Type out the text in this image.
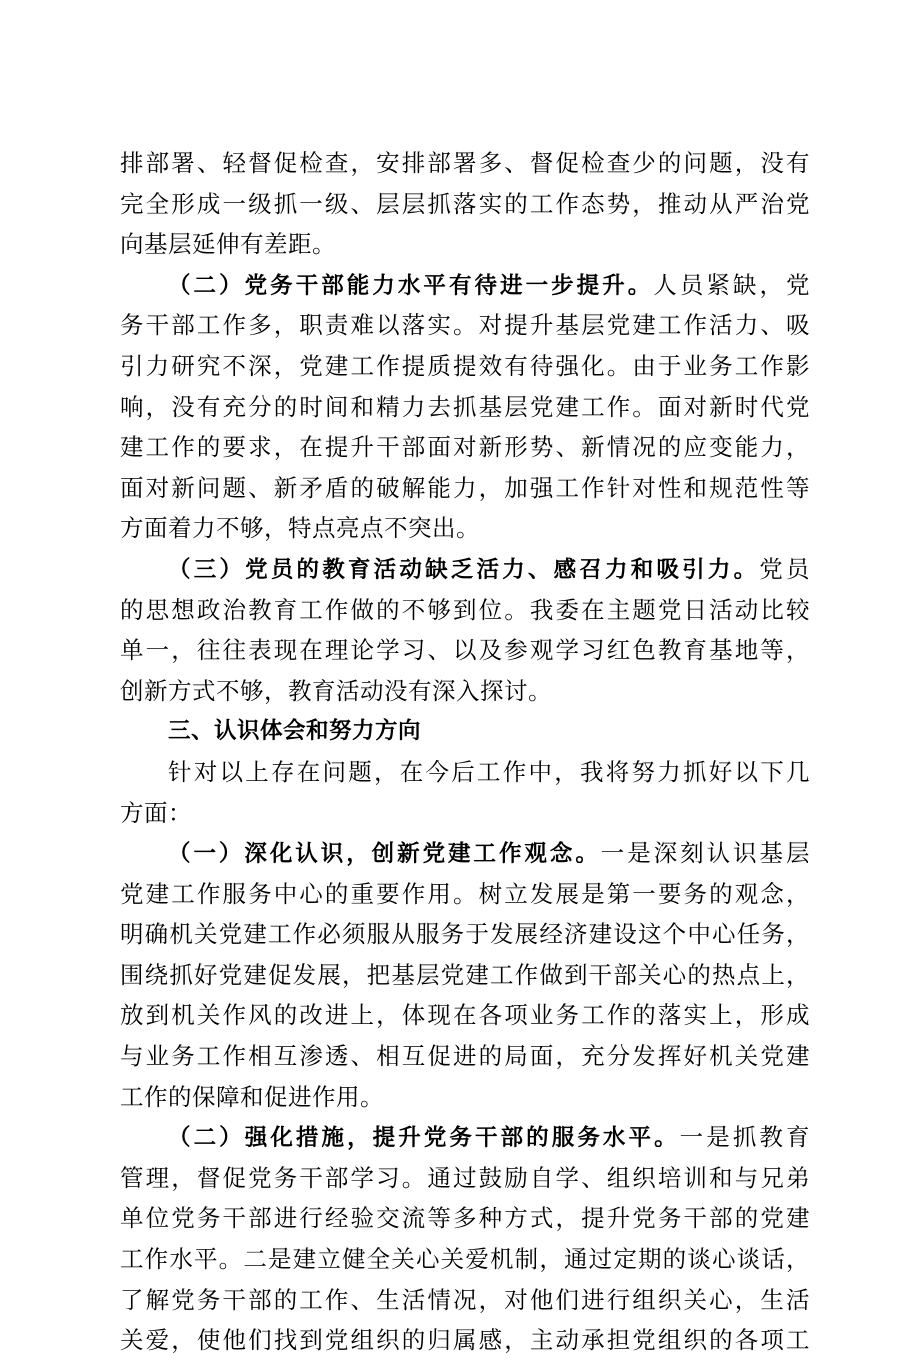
排部署、轻督促检查，安排部署多、督促检查少的问题，没有
完全形成一级抓一级、层层抓落实的工作态势，推动从严治党
向基层延伸有差距。
（二）党务干部能力水平有待进一步提升。人员紧缺，党
务干部工作多，职责难以落实。对提升基层党建工作活力、吸
引力研究不深，党建工作提质提效有待强化。由于业务工作影
响，没有充分的时间和精力去抓基层党建工作。面对新时代党
建工作的要求，在提升干部面对新形势、新情况的应变能力，
面对新问题、新矛盾的破解能力，加强工作针对性和规范性等
方面着力不够，特点亮点不突出。
（三）党员的教育活动缺乏活力、感召力和吸引力。党员
的思想政治教育工作做的不够到位。我委在主题党日活动比较
单一，往往表现在理论学习、以及参观学习红色教育基地等，
创新方式不够，教育活动没有深入探讨。
三、认识体会和努力方向
针对以上存在问题，在今后工作中，我将努力抓好以下几
方面：
（一）深化认识，创新党建工作观念。一是深刻认识基层
党建工作服务中心的重要作用。树立发展是第一要务的观念，
明确机关党建工作必须服从服务于发展经济建设这个中心任务，
围绕抓好党建促发展，把基层党建工作做到干部关心的热点上，
放到机关作风的改进上，体现在各项业务工作的落实上，形成
与业务工作相互渗透、相互促进的局面，充分发挥好机关党建
工作的保障和促进作用。
（二）强化措施，提升党务干部的服务水平。一是抓教育
管理，督促党务干部学习。通过鼓励自学、组织培训和与兄弟
单位党务干部进行经验交流等多种方式，提升党务干部的党建
工作水平。二是建立健全关心关爱机制，通过定期的谈心谈话，
了解党务干部的工作、生活情况，对他们进行组织关心，生活
关爱，使他们找到党组织的归属感，主动承担党组织的各项工
